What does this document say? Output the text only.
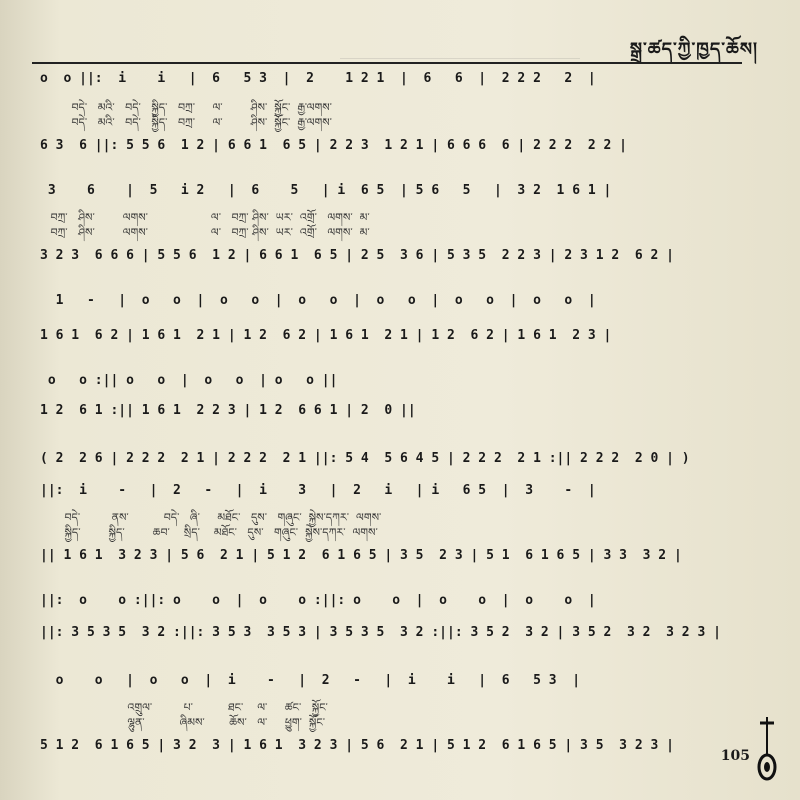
སྒྲ་ཚད་ཀྱི་ཁྱད་ཆོས།
o  o ||:  i    i   |  6   5 3  |  2    1 2 1  |  6   6  |  2 2 2   2  |
བདེ་   མའི་   བདེ་   སྐྱིད་   བཀྲ་     ལ་        ཤིས་  སྐྱོང་  རྒྱ་ལགས་
བདེ་   མའི་   བདེ་   སྐྱིད་   བཀྲ་     ལ་        ཤིས་  སྐྱོང་  རྒྱ་ལགས་
6 3  6 ||: 5 5 6  1 2 | 6 6 1  6 5 | 2 2 3  1 2 1 | 6 6 6  6 | 2 2 2  2 2 |
3    6    |  5   i 2   |  6    5   | i  6 5  | 5 6   5   |  3 2  1 6 1 |
བཀྲ་   ཤིས་        ལགས་                  ལ་   བཀྲ་ ཤིས་  ཡར་  འགྲོ་   ལགས་  མ་
བཀྲ་   ཤིས་        ལགས་                  ལ་   བཀྲ་ ཤིས་  ཡར་  འགྲོ་   ལགས་  མ་
3 2 3  6 6 6 | 5 5 6  1 2 | 6 6 1  6 5 | 2 5  3 6 | 5 3 5  2 2 3 | 2 3 1 2  6 2 |
1   -   |  o   o  |  o   o  |  o   o  |  o   o  |  o   o  |  o   o  |
1 6 1  6 2 | 1 6 1  2 1 | 1 2  6 2 | 1 6 1  2 1 | 1 2  6 2 | 1 6 1  2 3 |
o   o :|| o   o  |  o   o  | o   o ||
1 2  6 1 :|| 1 6 1  2 2 3 | 1 2  6 6 1 | 2  0 ||
( 2  2 6 | 2 2 2  2 1 | 2 2 2  2 1 ||: 5 4  5 6 4 5 | 2 2 2  2 1 :|| 2 2 2  2 0 | )
||:  i    -   |  2   -   |  i    3   |  2   i   | i   6 5  |  3    -  |
བདེ་         ནས་          བདེ་   ཞི་     མཐོང་   དུས་   གཞུང་  སྐྱེས་དཀར་  ལགས་
སྐྱིད་        སྐྱིད་        ཆབ་    སྲིད་    མཐོང་   དུས་   གཞུང་  སྐྱེས་དཀར་  ལགས་
|| 1 6 1  3 2 3 | 5 6  2 1 | 5 1 2  6 1 6 5 | 3 5  2 3 | 5 1  6 1 6 5 | 3 3  3 2 |
||:  o    o :||: o    o  |  o    o :||: o    o  |  o    o  |  o    o  |
||: 3 5 3 5  3 2 :||: 3 5 3  3 5 3 | 3 5 3 5  3 2 :||: 3 5 2  3 2 | 3 5 2  3 2  3 2 3 |
o    o   |  o   o  |  i    -   |  2   -   |  i    i   |  6   5 3  |
འགྲུལ་         པ་          ཐང་    ལ་     ཚང་   སྐྱོང་
ལྷུན་          ཞིམས་       ཆོས་   ལ་     ཕྱུག་  སྐྱོང་
5 1 2  6 1 6 5 | 3 2  3 | 1 6 1  3 2 3 | 5 6  2 1 | 5 1 2  6 1 6 5 | 3 5  3 2 3 |
105
